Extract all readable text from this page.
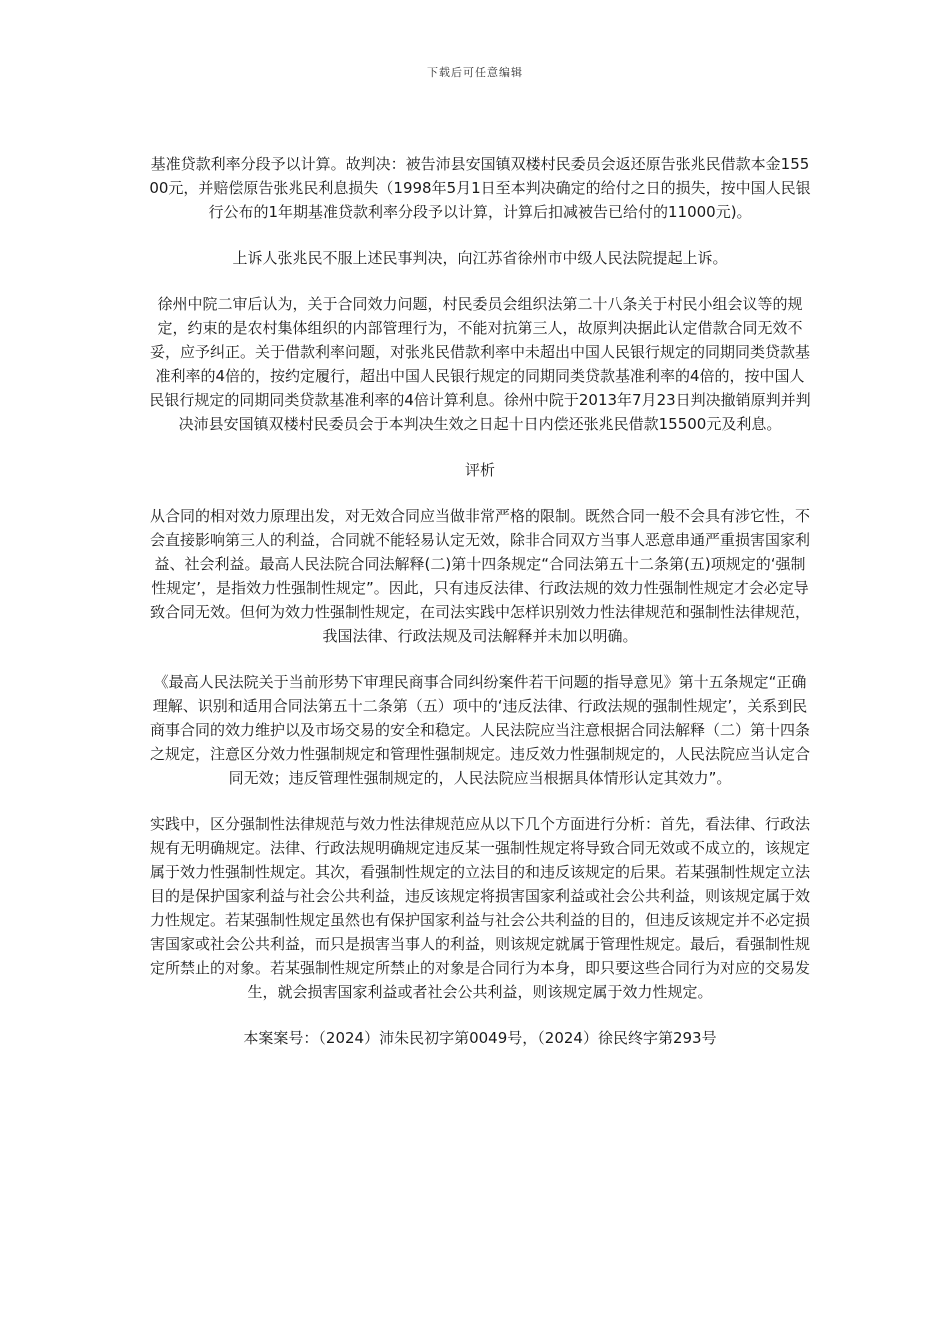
下载后可任意编辑

基准贷款利率分段予以计算。故判决：被告沛县安国镇双楼村民委员会返还原告张兆民借款本金15500元，并赔偿原告张兆民利息损失（1998年5月1日至本判决确定的给付之日的损失，按中国人民银行公布的1年期基准贷款利率分段予以计算，计算后扣减被告已给付的11000元)。

上诉人张兆民不服上述民事判决，向江苏省徐州市中级人民法院提起上诉。

徐州中院二审后认为，关于合同效力问题，村民委员会组织法第二十八条关于村民小组会议等的规定，约束的是农村集体组织的内部管理行为，不能对抗第三人，故原判决据此认定借款合同无效不妥，应予纠正。关于借款利率问题，对张兆民借款利率中未超出中国人民银行规定的同期同类贷款基准利率的4倍的，按约定履行，超出中国人民银行规定的同期同类贷款基准利率的4倍的，按中国人民银行规定的同期同类贷款基准利率的4倍计算利息。徐州中院于2013年7月23日判决撤销原判并判决沛县安国镇双楼村民委员会于本判决生效之日起十日内偿还张兆民借款15500元及利息。

评析

从合同的相对效力原理出发，对无效合同应当做非常严格的限制。既然合同一般不会具有涉它性，不会直接影响第三人的利益，合同就不能轻易认定无效，除非合同双方当事人恶意串通严重损害国家利益、社会利益。最高人民法院合同法解释(二)第十四条规定“合同法第五十二条第(五)项规定的‘强制性规定’，是指效力性强制性规定”。因此，只有违反法律、行政法规的效力性强制性规定才会必定导致合同无效。但何为效力性强制性规定，在司法实践中怎样识别效力性法律规范和强制性法律规范，我国法律、行政法规及司法解释并未加以明确。

《最高人民法院关于当前形势下审理民商事合同纠纷案件若干问题的指导意见》第十五条规定“正确理解、识别和适用合同法第五十二条第（五）项中的‘违反法律、行政法规的强制性规定’，关系到民商事合同的效力维护以及市场交易的安全和稳定。人民法院应当注意根据合同法解释（二）第十四条之规定，注意区分效力性强制规定和管理性强制规定。违反效力性强制规定的，人民法院应当认定合同无效；违反管理性强制规定的，人民法院应当根据具体情形认定其效力”。

实践中，区分强制性法律规范与效力性法律规范应从以下几个方面进行分析：首先，看法律、行政法规有无明确规定。法律、行政法规明确规定违反某一强制性规定将导致合同无效或不成立的，该规定属于效力性强制性规定。其次，看强制性规定的立法目的和违反该规定的后果。若某强制性规定立法目的是保护国家利益与社会公共利益，违反该规定将损害国家利益或社会公共利益，则该规定属于效力性规定。若某强制性规定虽然也有保护国家利益与社会公共利益的目的，但违反该规定并不必定损害国家或社会公共利益，而只是损害当事人的利益，则该规定就属于管理性规定。最后，看强制性规定所禁止的对象。若某强制性规定所禁止的对象是合同行为本身，即只要这些合同行为对应的交易发生，就会损害国家利益或者社会公共利益，则该规定属于效力性规定。

本案案号：（2024）沛朱民初字第0049号，（2024）徐民终字第293号
